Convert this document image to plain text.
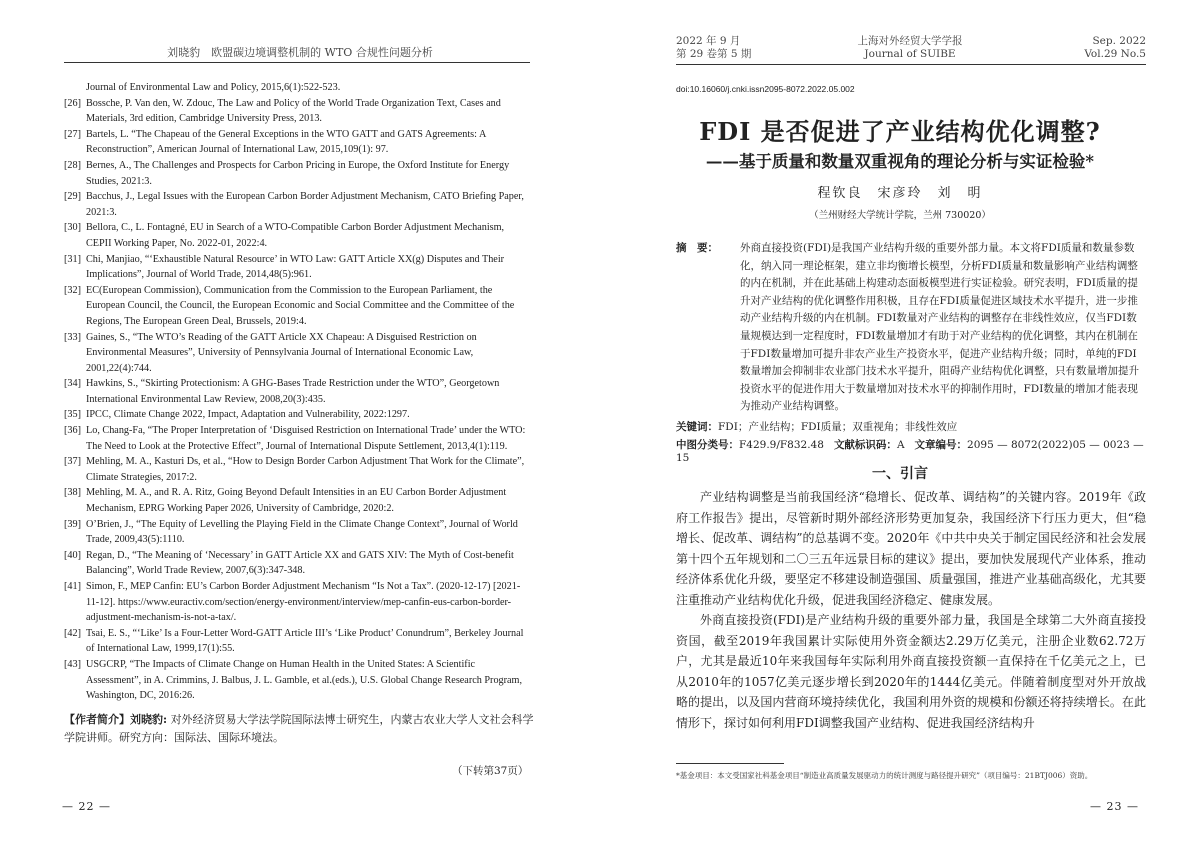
刘晓豹　欧盟碳边境调整机制的 WTO 合规性问题分析
Journal of Environmental Law and Policy, 2015,6(1):522-523.
[26] Bossche, P. Van den, W. Zdouc, The Law and Policy of the World Trade Organization Text, Cases and Materials, 3rd edition, Cambridge University Press, 2013.
[27] Bartels, L. “The Chapeau of the General Exceptions in the WTO GATT and GATS Agreements: A Reconstruction”, American Journal of International Law, 2015,109(1): 97.
[28] Bernes, A., The Challenges and Prospects for Carbon Pricing in Europe, the Oxford Institute for Energy Studies, 2021:3.
[29] Bacchus, J., Legal Issues with the European Carbon Border Adjustment Mechanism, CATO Briefing Paper, 2021:3.
[30] Bellora, C., L. Fontagné, EU in Search of a WTO-Compatible Carbon Border Adjustment Mechanism, CEPII Working Paper, No. 2022-01, 2022:4.
[31] Chi, Manjiao, “‘Exhaustible Natural Resource’ in WTO Law: GATT Article XX(g) Disputes and Their Implications”, Journal of World Trade, 2014,48(5):961.
[32] EC(European Commission), Communication from the Commission to the European Parliament, the European Council, the Council, the European Economic and Social Committee and the Committee of the Regions, The European Green Deal, Brussels, 2019:4.
[33] Gaines, S., “The WTO’s Reading of the GATT Article XX Chapeau: A Disguised Restriction on Environmental Measures”, University of Pennsylvania Journal of International Economic Law, 2001,22(4):744.
[34] Hawkins, S., “Skirting Protectionism: A GHG-Bases Trade Restriction under the WTO”, Georgetown International Environmental Law Review, 2008,20(3):435.
[35] IPCC, Climate Change 2022, Impact, Adaptation and Vulnerability, 2022:1297.
[36] Lo, Chang-Fa, “The Proper Interpretation of ‘Disguised Restriction on International Trade’ under the WTO: The Need to Look at the Protective Effect”, Journal of International Dispute Settlement, 2013,4(1):119.
[37] Mehling, M. A., Kasturi Ds, et al., “How to Design Border Carbon Adjustment That Work for the Climate”, Climate Strategies, 2017:2.
[38] Mehling, M. A., and R. A. Ritz, Going Beyond Default Intensities in an EU Carbon Border Adjustment Mechanism, EPRG Working Paper 2026, University of Cambridge, 2020:2.
[39] O’Brien, J., “The Equity of Levelling the Playing Field in the Climate Change Context”, Journal of World Trade, 2009,43(5):1110.
[40] Regan, D., “The Meaning of ‘Necessary’ in GATT Article XX and GATS XIV: The Myth of Cost-benefit Balancing”, World Trade Review, 2007,6(3):347-348.
[41] Simon, F., MEP Canfin: EU’s Carbon Border Adjustment Mechanism “Is Not a Tax”. (2020-12-17) [2021-11-12]. https://www.euractiv.com/section/energy-environment/interview/mep-canfin-eus-carbon-border-adjustment-mechanism-is-not-a-tax/.
[42] Tsai, E. S., “‘Like’ Is a Four-Letter Word-GATT Article III’s ‘Like Product’ Conundrum”, Berkeley Journal of International Law, 1999,17(1):55.
[43] USGCRP, “The Impacts of Climate Change on Human Health in the United States: A Scientific Assessment”, in A. Crimmins, J. Balbus, J. L. Gamble, et al.(eds.), U.S. Global Change Research Program, Washington, DC, 2016:26.
【作者简介】刘晓豹: 对外经济贸易大学法学院国际法博士研究生，内蒙古农业大学人文社会科学学院讲师。研究方向：国际法、国际环境法。
（下转第37页）
— 22 —
2022 年 9 月
第 29 卷第 5 期
上海对外经贸大学学报
Journal of SUIBE
Sep. 2022
Vol.29 No.5
doi:10.16060/j.cnki.issn2095-8072.2022.05.002
FDI 是否促进了产业结构优化调整?
——基于质量和数量双重视角的理论分析与实证检验*
程钦良　宋彦玲　刘　明
（兰州财经大学统计学院，兰州 730020）
摘　要：	外商直接投资(FDI)是我国产业结构升级的重要外部力量。本文将FDI质量和数量参数化，纳入同一理论框架，建立非均衡增长模型，分析FDI质量和数量影响产业结构调整的内在机制，并在此基础上构建动态面板模型进行实证检验。研究表明，FDI质量的提升对产业结构的优化调整作用积极，且存在FDI质量促进区域技术水平提升，进一步推动产业结构升级的内在机制。FDI数量对产业结构的调整存在非线性效应，仅当FDI数量规模达到一定程度时，FDI数量增加才有助于对产业结构的优化调整，其内在机制在于FDI数量增加可提升非农产业生产投资水平，促进产业结构升级；同时，单纯的FDI数量增加会抑制非农业部门技术水平提升，阻碍产业结构优化调整，只有数量增加提升投资水平的促进作用大于数量增加对技术水平的抑制作用时，FDI数量的增加才能表现为推动产业结构调整。
关键词：FDI；产业结构；FDI质量；双重视角；非线性效应
中图分类号：F429.9/F832.48 文献标识码：A 文章编号：2095 — 8072(2022)05 — 0023 — 15
一、引言

产业结构调整是当前我国经济“稳增长、促改革、调结构”的关键内容。2019年《政府工作报告》提出，尽管新时期外部经济形势更加复杂，我国经济下行压力更大，但“稳增长、促改革、调结构”的总基调不变。2020年《中共中央关于制定国民经济和社会发展第十四个五年规划和二〇三五年远景目标的建议》提出，要加快发展现代产业体系，推动经济体系优化升级，要坚定不移建设制造强国、质量强国，推进产业基础高级化，尤其要注重推动产业结构优化升级，促进我国经济稳定、健康发展。

外商直接投资(FDI)是产业结构升级的重要外部力量，我国是全球第二大外商直接投资国，截至2019年我国累计实际使用外资金额达2.29万亿美元，注册企业数62.72万户，尤其是最近10年来我国每年实际利用外商直接投资额一直保持在千亿美元之上，已从2010年的1057亿美元逐步增长到2020年的1444亿美元。伴随着制度型对外开放战略的提出，以及国内营商环境持续优化，我国利用外资的规模和份额还将持续增长。在此情形下，探讨如何利用FDI调整我国产业结构、促进我国经济结构升

*基金项目：本文受国家社科基金项目“制造业高质量发展驱动力的统计测度与路径提升研究”（项目编号：21BTJ006）资助。
— 23 —
